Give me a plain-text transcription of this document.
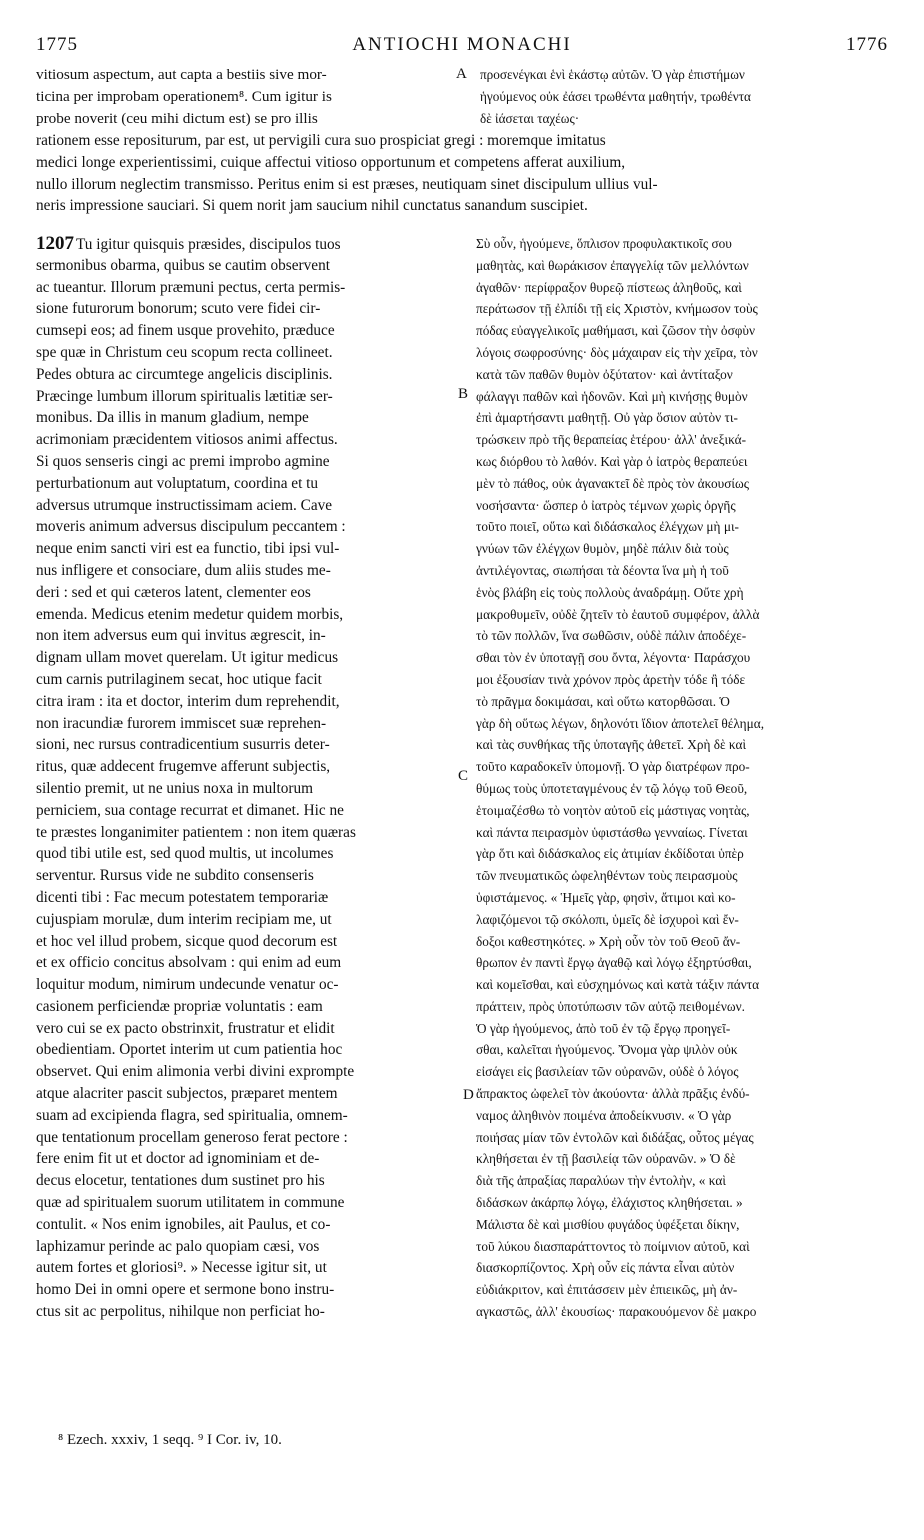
1775	ANTIOCHI MONACHI	1776
vitiosum aspectum, aut capta a bestiis sive mor-
ticina per improbam operationem⁸. Cum igitur is
probe noverit (ceu mihi dictum est) se pro illis
προσενέγκαι ἑνὶ ἑκάστῳ αὐτῶν. Ὁ γὰρ ἐπιστήμων
ἡγούμενος οὐκ ἐάσει τρωθέντα μαθητήν, τρωθέντα
δὲ ἰάσεται ταχέως·
A
rationem esse repositurum, par est, ut pervigili cura suo prospiciat gregi : moremque imitatus
medici longe experientissimi, cuique affectui vitioso opportunum et competens afferat auxilium,
nullo illorum neglectim transmisso. Peritus enim si est præses, neutiquam sinet discipulum ullius vul-
neris impressione sauciari. Si quem norit jam saucium nihil cunctatus sanandum suscipiet.
1207 Tu igitur quisquis præsides, discipulos tuos
sermonibus obarma, quibus se cautim observent
ac tueantur. Illorum præmuni pectus, certa permis-
sione futurorum bonorum; scuto vere fidei cir-
cumsepi eos; ad finem usque provehito, præduce
spe quæ in Christum ceu scopum recta collineet.
Pedes obtura ac circumtege angelicis disciplinis.
Præcinge lumbum illorum spiritualis lætitiæ ser-
monibus. Da illis in manum gladium, nempe
acrimoniam præcidentem vitiosos animi affectus.
Si quos senseris cingi ac premi improbo agmine
perturbationum aut voluptatum, coordina et tu
adversus utrumque instructissimam aciem. Cave
moveris animum adversus discipulum peccantem :
neque enim sancti viri est ea functio, tibi ipsi vul-
nus infligere et consociare, dum aliis studes me-
deri : sed et qui cæteros latent, clementer eos
emenda. Medicus etenim medetur quidem morbis,
non item adversus eum qui invitus ægrescit, in-
dignam ullam movet querelam. Ut igitur medicus
cum carnis putrilaginem secat, hoc utique facit
citra iram : ita et doctor, interim dum reprehendit,
non iracundiæ furorem immiscet suæ reprehen-
sioni, nec rursus contradicentium susurris deter-
ritus, quæ addecent frugemve afferunt subjectis,
silentio premit, ut ne unius noxa in multorum
perniciem, sua contage recurrat et dimanet. Hic ne
te præstes longanimiter patientem : non item quæras
quod tibi utile est, sed quod multis, ut incolumes
serventur. Rursus vide ne subdito consenseris
dicenti tibi : Fac mecum potestatem temporariæ
cujuspiam morulæ, dum interim recipiam me, ut
et hoc vel illud probem, sicque quod decorum est
et ex officio concitus absolvam : qui enim ad eum
loquitur modum, nimirum undecunde venatur oc-
casionem perficiendæ propriæ voluntatis : eam
vero cui se ex pacto obstrinxit, frustratur et elidit
obedientiam. Oportet interim ut cum patientia hoc
observet. Qui enim alimonia verbi divini exprompte
atque alacriter pascit subjectos, præparet mentem
suam ad excipienda flagra, sed spiritualia, omnem-
que tentationum procellam generoso ferat pectore :
fere enim fit ut et doctor ad ignominiam et de-
decus elocetur, tentationes dum sustinet pro his
quæ ad spiritualem suorum utilitatem in commune
contulit. « Nos enim ignobiles, ait Paulus, et co-
laphizamur perinde ac palo quopiam cæsi, vos
autem fortes et gloriosi⁹. » Necesse igitur sit, ut
homo Dei in omni opere et sermone bono instru-
ctus sit ac perpolitus, nihilque non perficiat ho-
Σὺ οὖν, ἡγούμενε, ὅπλισον προφυλακτικοῖς σου
μαθητὰς, καὶ θωράκισον ἐπαγγελίᾳ τῶν μελλόντων
ἀγαθῶν· περίφραξον θυρεῷ πίστεως ἀληθοῦς, καὶ
περάτωσον τῇ ἐλπίδι τῇ εἰς Χριστὸν, κνήμωσον τοὺς
πόδας εὐαγγελικοῖς μαθήμασι, καὶ ζῶσον τὴν ὀσφὺν
λόγοις σωφροσύνης· δὸς μάχαιραν εἰς τὴν χεῖρα, τὸν
κατὰ τῶν παθῶν θυμὸν ὀξύτατον· καὶ ἀντίταξον
φάλαγγι παθῶν καὶ ἡδονῶν. Καὶ μὴ κινήσῃς θυμὸν
ἐπὶ ἁμαρτήσαντι μαθητῇ. Οὐ γὰρ ὅσιον αὐτὸν τι-
τρώσκειν πρὸ τῆς θεραπείας ἑτέρου· ἀλλ' ἀνεξικά-
κως διόρθου τὸ λαθόν. Καὶ γὰρ ὁ ἰατρὸς θεραπεύει
μὲν τὸ πάθος, οὐκ ἀγανακτεῖ δὲ πρὸς τὸν ἀκουσίως
νοσήσαντα· ὥσπερ ὁ ἰατρὸς τέμνων χωρὶς ὀργῆς
τοῦτο ποιεῖ, οὕτω καὶ διδάσκαλος ἐλέγχων μὴ μι-
γνύων τῶν ἐλέγχων θυμὸν, μηδὲ πάλιν διὰ τοὺς
ἀντιλέγοντας, σιωπήσαι τὰ δέοντα ἵνα μὴ ἡ τοῦ
ἑνὸς βλάβη εἰς τοὺς πολλοὺς ἀναδράμῃ. Οὔτε χρὴ
μακροθυμεῖν, οὐδὲ ζητεῖν τὸ ἑαυτοῦ συμφέρον, ἀλλὰ
τὸ τῶν πολλῶν, ἵνα σωθῶσιν, οὐδὲ πάλιν ἀποδέχε-
σθαι τὸν ἐν ὑποταγῇ σου ὄντα, λέγοντα· Παράσχου
μοι ἐξουσίαν τινὰ χρόνον πρὸς ἀρετὴν τόδε ἢ τόδε
τὸ πρᾶγμα δοκιμάσαι, καὶ οὕτω κατορθῶσαι. Ὁ
γὰρ δὴ οὕτως λέγων, δηλονότι ἴδιον ἀποτελεῖ θέλημα,
καὶ τὰς συνθήκας τῆς ὑποταγῆς ἀθετεῖ. Χρὴ δὲ καὶ
τοῦτο καραδοκεῖν ὑπομονῇ. Ὁ γὰρ διατρέφων προ-
θύμως τοὺς ὑποτεταγμένους ἐν τῷ λόγῳ τοῦ Θεοῦ,
ἑτοιμαζέσθω τὸ νοητὸν αὐτοῦ εἰς μάστιγας νοητὰς,
καὶ πάντα πειρασμὸν ὑφιστάσθω γενναίως. Γίνεται
γὰρ ὅτι καὶ διδάσκαλος εἰς ἀτιμίαν ἐκδίδοται ὑπὲρ
τῶν πνευματικῶς ὠφεληθέντων τοὺς πειρασμοὺς
ὑφιστάμενος. « Ἡμεῖς γὰρ, φησὶν, ἄτιμοι καὶ κο-
λαφιζόμενοι τῷ σκόλοπι, ὑμεῖς δὲ ἰσχυροὶ καὶ ἔν-
δοξοι καθεστηκότες. » Χρὴ οὖν τὸν τοῦ Θεοῦ ἄν-
θρωπον ἐν παντὶ ἔργῳ ἀγαθῷ καὶ λόγῳ ἐξηρτύσθαι,
καὶ κομεῖσθαι, καὶ εὐσχημόνως καὶ κατὰ τάξιν πάντα
πράττειν, πρὸς ὑποτύπωσιν τῶν αὐτῷ πειθομένων.
Ὁ γὰρ ἡγούμενος, ἀπὸ τοῦ ἐν τῷ ἔργῳ προηγεῖ-
σθαι, καλεῖται ἡγούμενος. Ὄνομα γὰρ ψιλὸν οὐκ
εἰσάγει εἰς βασιλείαν τῶν οὐρανῶν, οὐδὲ ὁ λόγος
ἄπρακτος ὠφελεῖ τὸν ἀκούοντα· ἀλλὰ πρᾶξις ἐνδύ-
ναμος ἀληθινὸν ποιμένα ἀποδείκνυσιν. « Ὁ γὰρ
ποιήσας μίαν τῶν ἐντολῶν καὶ διδάξας, οὗτος μέγας
κληθήσεται ἐν τῇ βασιλείᾳ τῶν οὐρανῶν. » Ὁ δὲ
διὰ τῆς ἀπραξίας παραλύων τὴν ἐντολὴν, « καὶ
διδάσκων ἀκάρπῳ λόγῳ, ἐλάχιστος κληθήσεται. »
Μάλιστα δὲ καὶ μισθίου φυγάδος ὑφέξεται δίκην,
τοῦ λύκου διασπαράττοντος τὸ ποίμνιον αὐτοῦ, καὶ
διασκορπίζοντος. Χρὴ οὖν εἰς πάντα εἶναι αὐτὸν
εὐδιάκριτον, καὶ ἐπιτάσσειν μὲν ἐπιεικῶς, μὴ ἀν-
αγκαστῶς, ἀλλ' ἑκουσίως· παρακουόμενον δὲ μακρο
B
C
D
⁸ Ezech. xxxiv, 1 seqq. ⁹ I Cor. iv, 10.
